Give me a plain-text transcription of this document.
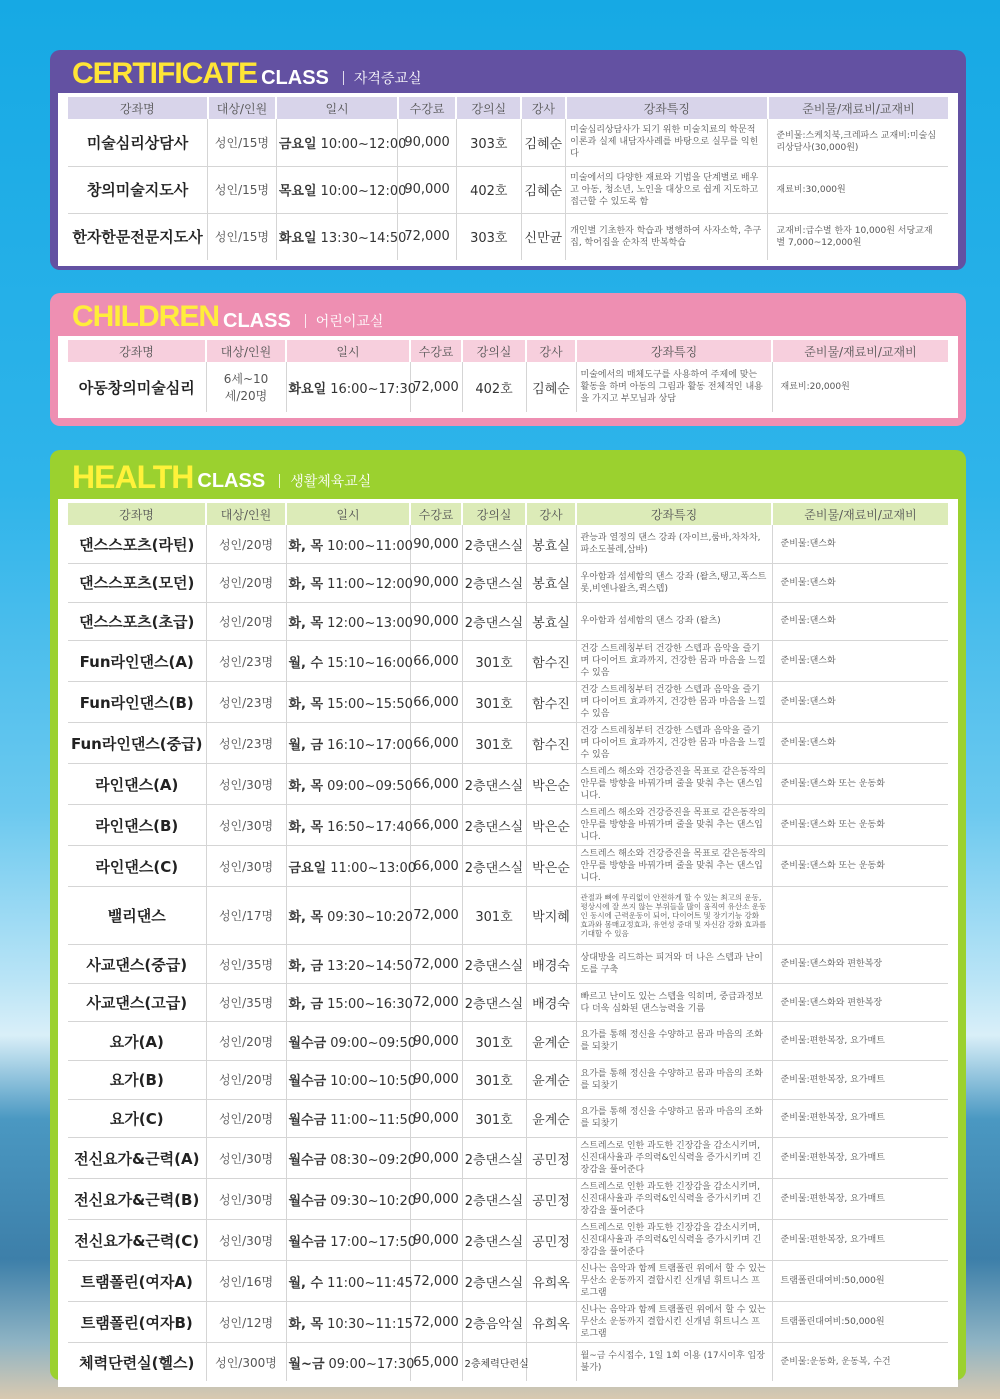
CERTIFICATE CLASS 자격증교실
강좌명	대상/인원	일시	수강료	강의실	강사	강좌특징	준비물/재료비/교재비
미술심리상담사	성인/15명	금요일 10:00~12:00	90,000	303호	김혜순	미술심리상담사가 되기 위한 미술치료의 학문적 이론과 실제 내담자사례를 바탕으로 실무를 익힌다	준비물:스케치북,크레파스 교재비:미술심리상담사(30,000원)
창의미술지도사	성인/15명	목요일 10:00~12:00	90,000	402호	김혜순	미술에서의 다양한 재료와 기법을 단계별로 배우고 아동, 청소년, 노인을 대상으로 쉽게 지도하고 접근할 수 있도록 함	재료비:30,000원
한자한문전문지도사	성인/15명	화요일 13:30~14:50	72,000	303호	신만균	개인별 기초한자 학습과 병행하여 사자소학, 추구집, 학어집을 순차적 반복학습	교재비:급수별 한자 10,000원 서당교재별 7,000~12,000원
CHILDREN CLASS 어린이교실
강좌명	대상/인원	일시	수강료	강의실	강사	강좌특징	준비물/재료비/교재비
아동창의미술심리	6세~10세/20명	화요일 16:00~17:30	72,000	402호	김혜순	미술에서의 매체도구를 사용하여 주제에 맞는 활동을 하며 아동의 그림과 활동 전체적인 내용을 가지고 부모님과 상담	재료비:20,000원
HEALTH CLASS 생활체육교실
강좌명	대상/인원	일시	수강료	강의실	강사	강좌특징	준비물/재료비/교재비
댄스스포츠(라틴)	성인/20명	화, 목 10:00~11:00	90,000	2층댄스실	봉효실	관능과 열정의 댄스 강좌 (자이브,룸바,차차차,파소도블레,삼바)	준비물:댄스화
댄스스포츠(모던)	성인/20명	화, 목 11:00~12:00	90,000	2층댄스실	봉효실	우아함과 섬세함의 댄스 강좌 (왈츠,탱고,폭스트롯,비엔나왈츠,퀵스텝)	준비물:댄스화
댄스스포츠(초급)	성인/20명	화, 목 12:00~13:00	90,000	2층댄스실	봉효실	우아함과 섬세함의 댄스 강좌 (왈츠)	준비물:댄스화
Fun라인댄스(A)	성인/23명	월, 수 15:10~16:00	66,000	301호	함수진	건강 스트레칭부터 건강한 스텝과 음악을 즐기며 다이어트 효과까지, 건강한 몸과 마음을 느낄 수 있음	준비물:댄스화
Fun라인댄스(B)	성인/23명	화, 목 15:00~15:50	66,000	301호	함수진	건강 스트레칭부터 건강한 스텝과 음악을 즐기며 다이어트 효과까지, 건강한 몸과 마음을 느낄 수 있음	준비물:댄스화
Fun라인댄스(중급)	성인/23명	월, 금 16:10~17:00	66,000	301호	함수진	건강 스트레칭부터 건강한 스텝과 음악을 즐기며 다이어트 효과까지, 건강한 몸과 마음을 느낄 수 있음	준비물:댄스화
라인댄스(A)	성인/30명	화, 목 09:00~09:50	66,000	2층댄스실	박은순	스트레스 해소와 건강증진을 목표로 같은동작의 안무를 방향을 바꿔가며 줄을 맞춰 추는 댄스입니다.	준비물:댄스화 또는 운동화
라인댄스(B)	성인/30명	화, 목 16:50~17:40	66,000	2층댄스실	박은순	스트레스 해소와 건강증진을 목표로 같은동작의 안무를 방향을 바꿔가며 줄을 맞춰 추는 댄스입니다.	준비물:댄스화 또는 운동화
라인댄스(C)	성인/30명	금요일 11:00~13:00	66,000	2층댄스실	박은순	스트레스 해소와 건강증진을 목표로 같은동작의 안무를 방향을 바꿔가며 줄을 맞춰 추는 댄스입니다.	준비물:댄스화 또는 운동화
밸리댄스	성인/17명	화, 목 09:30~10:20	72,000	301호	박지혜	관절과 뼈에 무리없이 안전하게 할 수 있는 최고의 운동, 평상시에 잘 쓰지 않는 부위들을 많이 움직여 유산소 운동인 동시에 근력운동이 되어, 다이어트 및 장기기능 강화 효과와 몸매교정효과, 유연성 증대 및 자신감 강화 효과를 기대할 수 있음	
사교댄스(중급)	성인/35명	화, 금 13:20~14:50	72,000	2층댄스실	배경숙	상대방을 리드하는 피겨와 더 나은 스텝과 난이도를 구축	준비물:댄스화와 편한복장
사교댄스(고급)	성인/35명	화, 금 15:00~16:30	72,000	2층댄스실	배경숙	빠르고 난이도 있는 스텝을 익히며, 중급과정보다 더욱 심화된 댄스능력을 기름	준비물:댄스화와 편한복장
요가(A)	성인/20명	월수금 09:00~09:50	90,000	301호	윤계순	요가를 통해 정신을 수양하고 몸과 마음의 조화를 되찾기	준비물:편한복장, 요가매트
요가(B)	성인/20명	월수금 10:00~10:50	90,000	301호	윤계순	요가를 통해 정신을 수양하고 몸과 마음의 조화를 되찾기	준비물:편한복장, 요가매트
요가(C)	성인/20명	월수금 11:00~11:50	90,000	301호	윤계순	요가를 통해 정신을 수양하고 몸과 마음의 조화를 되찾기	준비물:편한복장, 요가매트
전신요가&근력(A)	성인/30명	월수금 08:30~09:20	90,000	2층댄스실	공민정	스트레스로 인한 과도한 긴장감을 감소시키며, 신진대사율과 주의력&인식력을 증가시키며 긴장감을 풀어준다	준비물:편한복장, 요가매트
전신요가&근력(B)	성인/30명	월수금 09:30~10:20	90,000	2층댄스실	공민정	스트레스로 인한 과도한 긴장감을 감소시키며, 신진대사율과 주의력&인식력을 증가시키며 긴장감을 풀어준다	준비물:편한복장, 요가매트
전신요가&근력(C)	성인/30명	월수금 17:00~17:50	90,000	2층댄스실	공민정	스트레스로 인한 과도한 긴장감을 감소시키며, 신진대사율과 주의력&인식력을 증가시키며 긴장감을 풀어준다	준비물:편한복장, 요가매트
트램폴린(여자A)	성인/16명	월, 수 11:00~11:45	72,000	2층댄스실	유희옥	신나는 음악과 함께 트램폴린 위에서 할 수 있는 무산소 운동까지 결합시킨 신개념 휘트니스 프로그램	트램폴린대여비:50,000원
트램폴린(여자B)	성인/12명	화, 목 10:30~11:15	72,000	2층음악실	유희옥	신나는 음악과 함께 트램폴린 위에서 할 수 있는 무산소 운동까지 결합시킨 신개념 휘트니스 프로그램	트램폴린대여비:50,000원
체력단련실(헬스)	성인/300명	월~금 09:00~17:30	65,000	2층체력단련실		월~금 수시접수, 1일 1회 이용 (17시이후 입장불가)	준비물:운동화, 운동복, 수건
